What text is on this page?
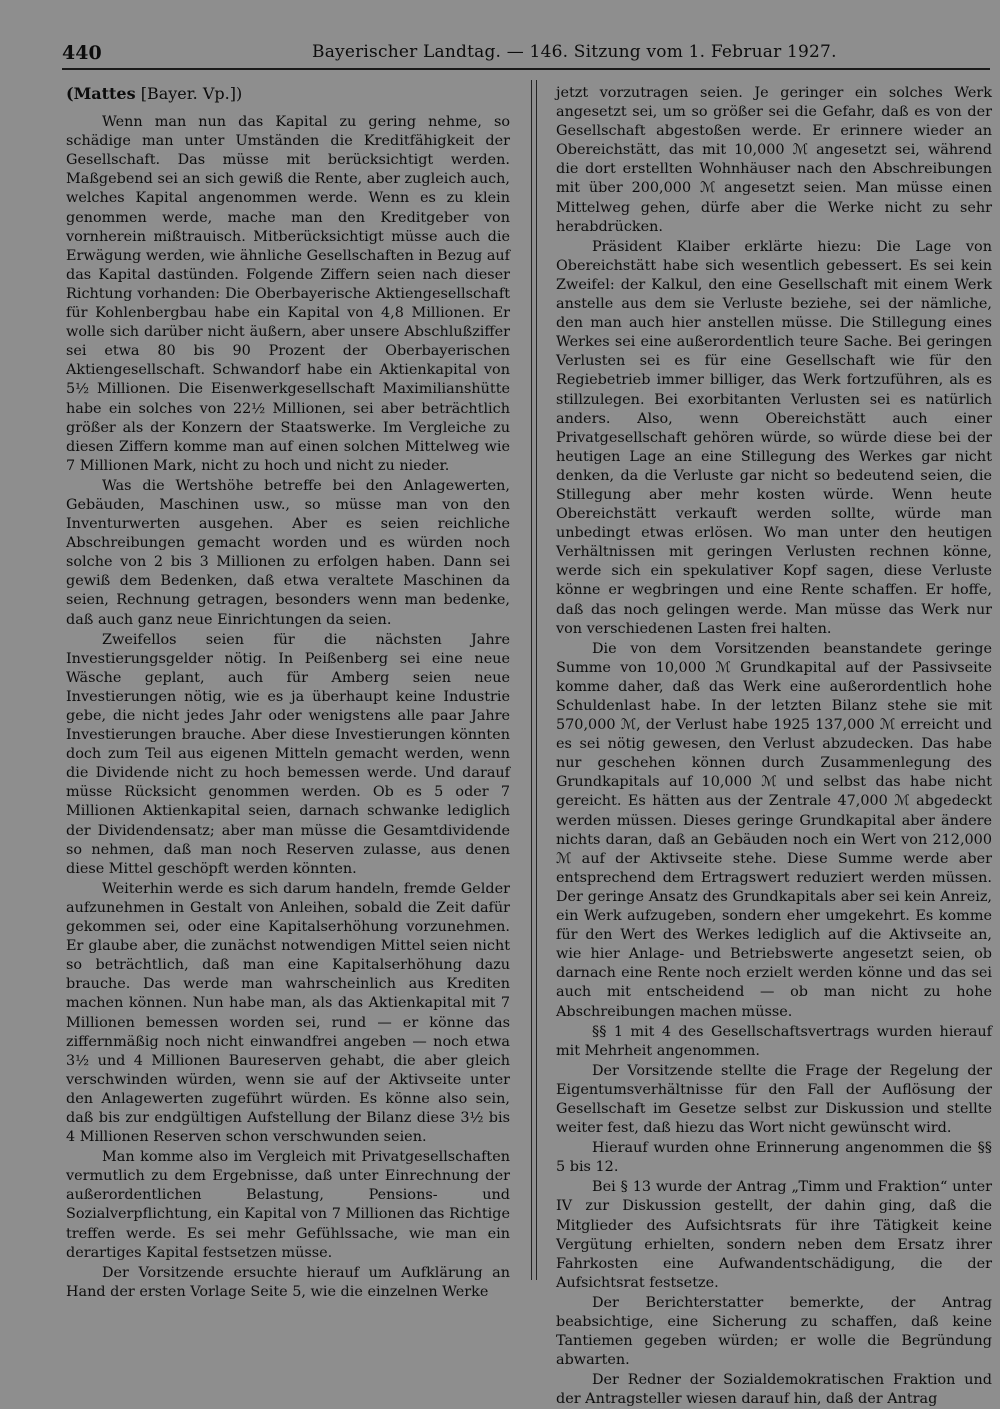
440	Bayerischer Landtag. — 146. Sitzung vom 1. Februar 1927.

(Mattes [Bayer. Vp.])

Wenn man nun das Kapital zu gering nehme, so schädige man unter Umständen die Kreditfähigkeit der Gesellschaft. Das müsse mit berücksichtigt werden. Maßgebend sei an sich gewiß die Rente, aber zugleich auch, welches Kapital angenommen werde. Wenn es zu klein genommen werde, mache man den Kreditgeber von vornherein mißtrauisch. Mitberücksichtigt müsse auch die Erwägung werden, wie ähnliche Gesellschaften in Bezug auf das Kapital dastünden. Folgende Ziffern seien nach dieser Richtung vorhanden: Die Oberbayerische Aktiengesellschaft für Kohlenbergbau habe ein Kapital von 4,8 Millionen. Er wolle sich darüber nicht äußern, aber unsere Abschlußziffer sei etwa 80 bis 90 Prozent der Oberbayerischen Aktiengesellschaft. Schwandorf habe ein Aktienkapital von 5½ Millionen. Die Eisenwerkgesellschaft Maximilianshütte habe ein solches von 22½ Millionen, sei aber beträchtlich größer als der Konzern der Staatswerke. Im Vergleiche zu diesen Ziffern komme man auf einen solchen Mittelweg wie 7 Millionen Mark, nicht zu hoch und nicht zu nieder.

Was die Wertshöhe betreffe bei den Anlagewerten, Gebäuden, Maschinen usw., so müsse man von den Inventurwerten ausgehen. Aber es seien reichliche Abschreibungen gemacht worden und es würden noch solche von 2 bis 3 Millionen zu erfolgen haben. Dann sei gewiß dem Bedenken, daß etwa veraltete Maschinen da seien, Rechnung getragen, besonders wenn man bedenke, daß auch ganz neue Einrichtungen da seien.

Zweifellos seien für die nächsten Jahre Investierungsgelder nötig. In Peißenberg sei eine neue Wäsche geplant, auch für Amberg seien neue Investierungen nötig, wie es ja überhaupt keine Industrie gebe, die nicht jedes Jahr oder wenigstens alle paar Jahre Investierungen brauche. Aber diese Investierungen könnten doch zum Teil aus eigenen Mitteln gemacht werden, wenn die Dividende nicht zu hoch bemessen werde. Und darauf müsse Rücksicht genommen werden. Ob es 5 oder 7 Millionen Aktienkapital seien, darnach schwanke lediglich der Dividendensatz; aber man müsse die Gesamtdividende so nehmen, daß man noch Reserven zulasse, aus denen diese Mittel geschöpft werden könnten.

Weiterhin werde es sich darum handeln, fremde Gelder aufzunehmen in Gestalt von Anleihen, sobald die Zeit dafür gekommen sei, oder eine Kapitalserhöhung vorzunehmen. Er glaube aber, die zunächst notwendigen Mittel seien nicht so beträchtlich, daß man eine Kapitalserhöhung dazu brauche. Das werde man wahrscheinlich aus Krediten machen können. Nun habe man, als das Aktienkapital mit 7 Millionen bemessen worden sei, rund — er könne das ziffernmäßig noch nicht einwandfrei angeben — noch etwa 3½ und 4 Millionen Baureserven gehabt, die aber gleich verschwinden würden, wenn sie auf der Aktivseite unter den Anlagewerten zugeführt würden. Es könne also sein, daß bis zur endgültigen Aufstellung der Bilanz diese 3½ bis 4 Millionen Reserven schon verschwunden seien.

Man komme also im Vergleich mit Privatgesellschaften vermutlich zu dem Ergebnisse, daß unter Einrechnung der außerordentlichen Belastung, Pensions- und Sozialverpflichtung, ein Kapital von 7 Millionen das Richtige treffen werde. Es sei mehr Gefühlssache, wie man ein derartiges Kapital festsetzen müsse.

Der Vorsitzende ersuchte hierauf um Aufklärung an Hand der ersten Vorlage Seite 5, wie die einzelnen Werke

jetzt vorzutragen seien. Je geringer ein solches Werk angesetzt sei, um so größer sei die Gefahr, daß es von der Gesellschaft abgestoßen werde. Er erinnere wieder an Obereichstätt, das mit 10,000 ℳ angesetzt sei, während die dort erstellten Wohnhäuser nach den Abschreibungen mit über 200,000 ℳ angesetzt seien. Man müsse einen Mittelweg gehen, dürfe aber die Werke nicht zu sehr herabdrücken.

Präsident Klaiber erklärte hiezu: Die Lage von Obereichstätt habe sich wesentlich gebessert. Es sei kein Zweifel: der Kalkul, den eine Gesellschaft mit einem Werk anstelle aus dem sie Verluste beziehe, sei der nämliche, den man auch hier anstellen müsse. Die Stillegung eines Werkes sei eine außerordentlich teure Sache. Bei geringen Verlusten sei es für eine Gesellschaft wie für den Regiebetrieb immer billiger, das Werk fortzuführen, als es stillzulegen. Bei exorbitanten Verlusten sei es natürlich anders. Also, wenn Obereichstätt auch einer Privatgesellschaft gehören würde, so würde diese bei der heutigen Lage an eine Stillegung des Werkes gar nicht denken, da die Verluste gar nicht so bedeutend seien, die Stillegung aber mehr kosten würde. Wenn heute Obereichstätt verkauft werden sollte, würde man unbedingt etwas erlösen. Wo man unter den heutigen Verhältnissen mit geringen Verlusten rechnen könne, werde sich ein spekulativer Kopf sagen, diese Verluste könne er wegbringen und eine Rente schaffen. Er hoffe, daß das noch gelingen werde. Man müsse das Werk nur von verschiedenen Lasten frei halten.

Die von dem Vorsitzenden beanstandete geringe Summe von 10,000 ℳ Grundkapital auf der Passivseite komme daher, daß das Werk eine außerordentlich hohe Schuldenlast habe. In der letzten Bilanz stehe sie mit 570,000 ℳ, der Verlust habe 1925 137,000 ℳ erreicht und es sei nötig gewesen, den Verlust abzudecken. Das habe nur geschehen können durch Zusammenlegung des Grundkapitals auf 10,000 ℳ und selbst das habe nicht gereicht. Es hätten aus der Zentrale 47,000 ℳ abgedeckt werden müssen. Dieses geringe Grundkapital aber ändere nichts daran, daß an Gebäuden noch ein Wert von 212,000 ℳ auf der Aktivseite stehe. Diese Summe werde aber entsprechend dem Ertragswert reduziert werden müssen. Der geringe Ansatz des Grundkapitals aber sei kein Anreiz, ein Werk aufzugeben, sondern eher umgekehrt. Es komme für den Wert des Werkes lediglich auf die Aktivseite an, wie hier Anlage- und Betriebswerte angesetzt seien, ob darnach eine Rente noch erzielt werden könne und das sei auch mit entscheidend — ob man nicht zu hohe Abschreibungen machen müsse.

§§ 1 mit 4 des Gesellschaftsvertrags wurden hierauf mit Mehrheit angenommen.

Der Vorsitzende stellte die Frage der Regelung der Eigentumsverhältnisse für den Fall der Auflösung der Gesellschaft im Gesetze selbst zur Diskussion und stellte weiter fest, daß hiezu das Wort nicht gewünscht wird.

Hierauf wurden ohne Erinnerung angenommen die §§ 5 bis 12.

Bei § 13 wurde der Antrag „Timm und Fraktion“ unter IV zur Diskussion gestellt, der dahin ging, daß die Mitglieder des Aufsichtsrats für ihre Tätigkeit keine Vergütung erhielten, sondern neben dem Ersatz ihrer Fahrkosten eine Aufwandentschädigung, die der Aufsichtsrat festsetze.

Der Berichterstatter bemerkte, der Antrag beabsichtige, eine Sicherung zu schaffen, daß keine Tantiemen gegeben würden; er wolle die Begründung abwarten.

Der Redner der Sozialdemokratischen Fraktion und der Antragsteller wiesen darauf hin, daß der Antrag
